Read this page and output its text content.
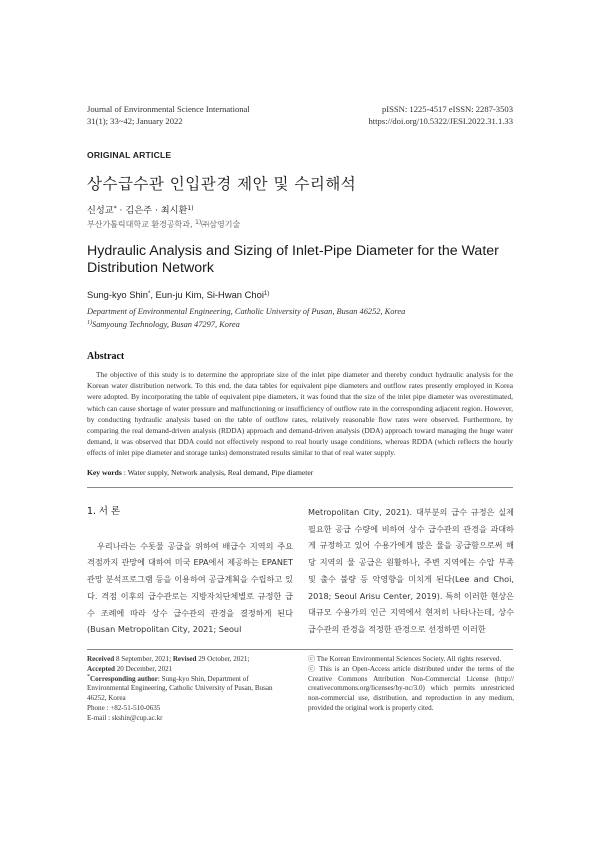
Journal of Environmental Science International
31(1); 33~42; January 2022
pISSN: 1225-4517 eISSN: 2287-3503
https://doi.org/10.5322/JESI.2022.31.1.33
ORIGINAL ARTICLE
상수급수관 인입관경 제안 및 수리해석
신성교* · 김은주 · 최시환$^{1)}$
부산가톨릭대학교 환경공학과, $^{1)}$㈜삼영기술
Hydraulic Analysis and Sizing of Inlet-Pipe Diameter for the Water Distribution Network
Sung-kyo Shin*, Eun-ju Kim, Si-Hwan Choi$^{1)}$
Department of Environmental Engineering, Catholic University of Pusan, Busan 46252, Korea
$^{1)}$Samyoung Technology, Busan 47297, Korea
Abstract

The objective of this study is to determine the appropriate size of the inlet pipe diameter and thereby conduct hydraulic analysis for the Korean water distribution network. To this end, the data tables for equivalent pipe diameters and outflow rates presently employed in Korea were adopted. By incorporating the table of equivalent pipe diameters, it was found that the size of the inlet pipe diameter was overestimated, which can cause shortage of water pressure and malfunctioning or insufficiency of outflow rate in the corresponding adjacent region. However, by conducting hydraulic analysis based on the table of outflow rates, relatively reasonable flow rates were observed. Furthermore, by comparing the real demand-driven analysis (RDDA) approach and demand-driven analysis (DDA) approach toward managing the huge water demand, it was observed that DDA could not effectively respond to real hourly usage conditions, whereas RDDA (which reflects the hourly effects of inlet pipe diameter and storage tanks) demonstrated results similar to that of real water supply.

Key words : Water supply, Network analysis, Real demand, Pipe diameter
1. 서 론

우리나라는 수돗물 공급을 위하여 배급수 지역의 주요 격점까지 관망에 대하여 미국 EPA에서 제공하는 EPANET 관망 분석프로그램 등을 이용하여 공급계획을 수립하고 있다. 격점 이후의 급수관로는 지방자치단체별로 규정한 급수 조례에 따라 상수 급수관의 관경을 결정하게 된다(Busan Metropolitan City, 2021; Seoul

Metropolitan City, 2021). 대부분의 급수 규정은 실제 필요한 공급 수량에 비하여 상수 급수관의 관경을 과대하게 규정하고 있어 수용가에게 많은 물을 공급함으로써 해당 지역의 물 공급은 원활하나, 주변 지역에는 수압 부족 및 출수 불량 등 악영향을 미치게 된다(Lee and Choi, 2018; Seoul Arisu Center, 2019). 특히 이러한 현상은 대규모 수용가의 인근 지역에서 현저히 나타나는데, 상수 급수관의 관경을 적정한 관경으로 선정하면 이러한

Received 8 September, 2021; Revised 29 October, 2021;
Accepted 20 December, 2021
*Corresponding author: Sung-kyo Shin, Department of Environmental Engineering, Catholic University of Pusan, Busan 46252, Korea
Phone : +82-51-510-0635
E-mail : skshin@cup.ac.kr
ⓒ The Korean Environmental Sciences Society. All rights reserved.
ⓒ This is an Open-Access article distributed under the terms of the Creative Commons Attribution Non-Commercial License (http:// creativecommons.org/licenses/by-nc/3.0) which permits unrestricted non-commercial use, distribution, and reproduction in any medium, provided the original work is properly cited.
